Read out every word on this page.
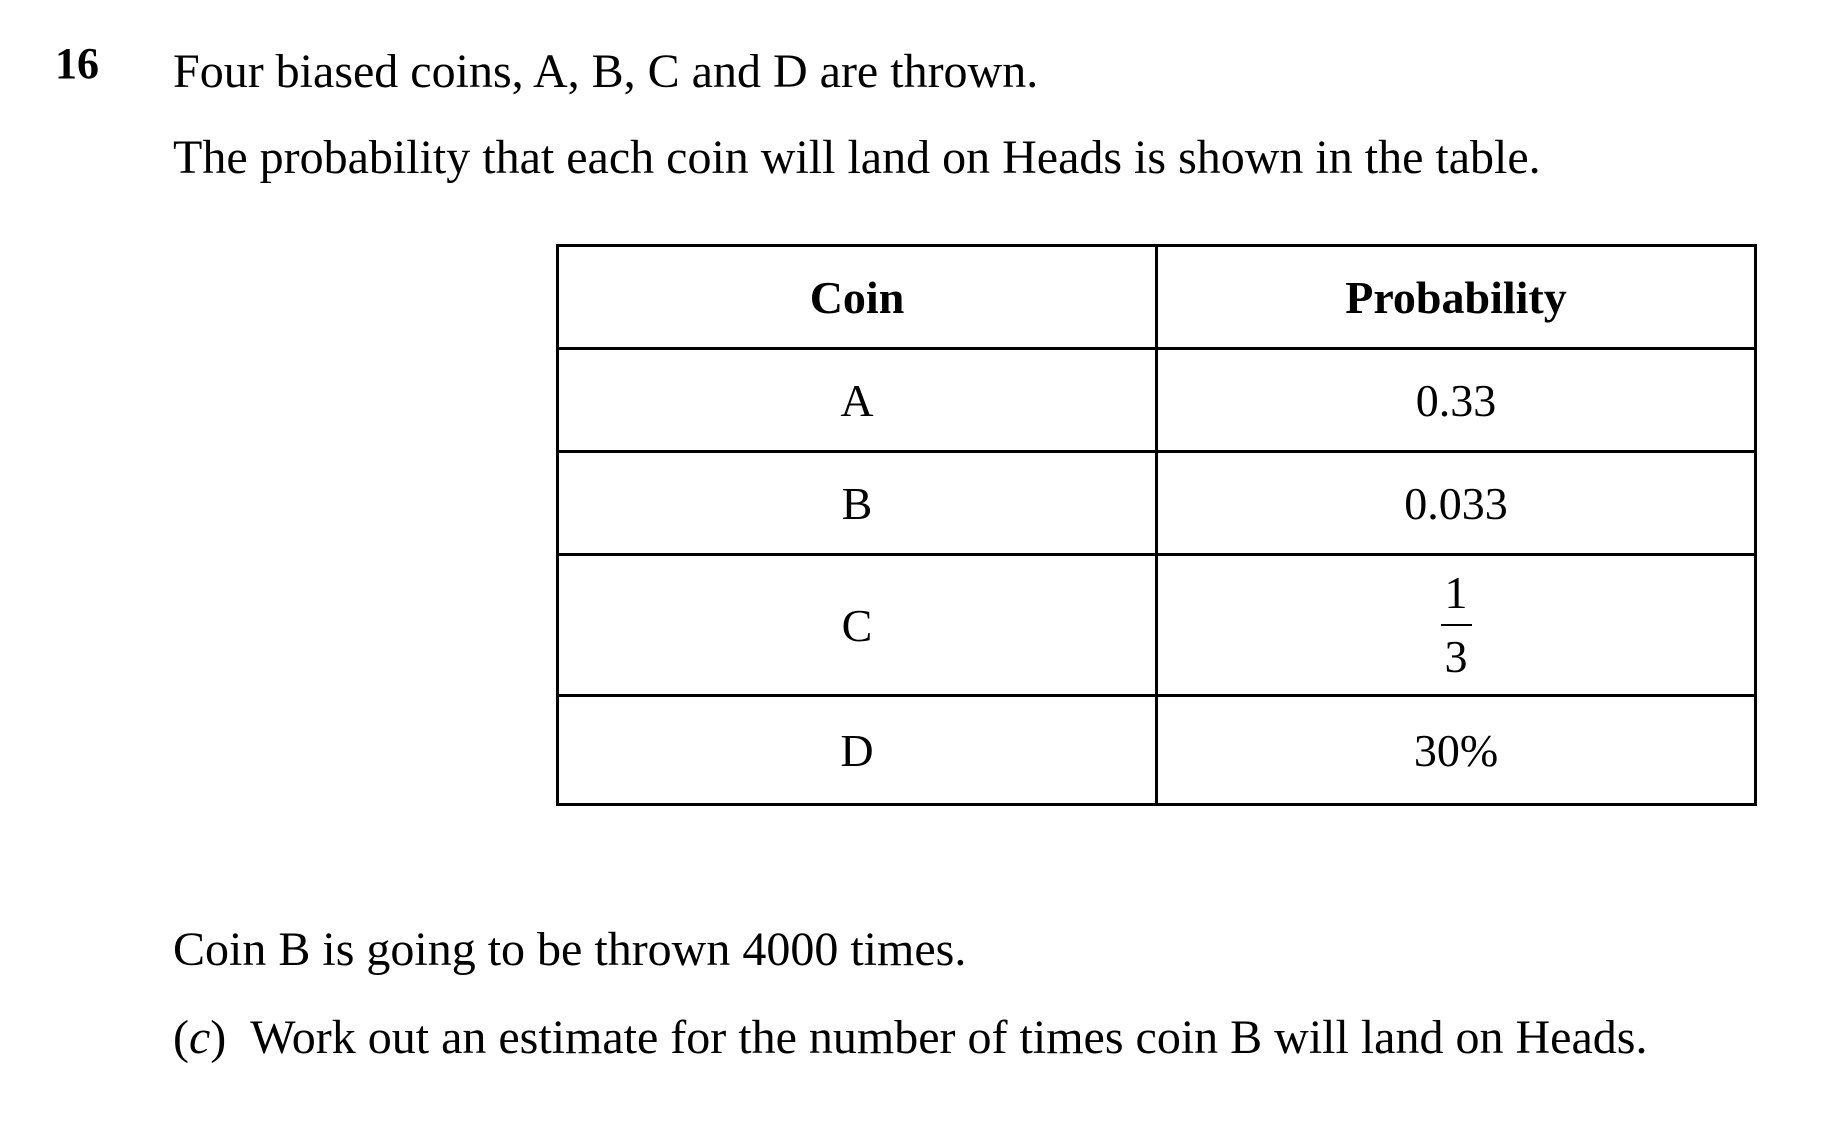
16 Four biased coins, A, B, C and D are thrown.
The probability that each coin will land on Heads is shown in the table.
Coin	Probability
A	0.33
B	0.033
C	$\frac{1}{3}$

D	30%
Coin B is going to be thrown 4000 times.
(c) Work out an estimate for the number of times coin B will land on Heads.
